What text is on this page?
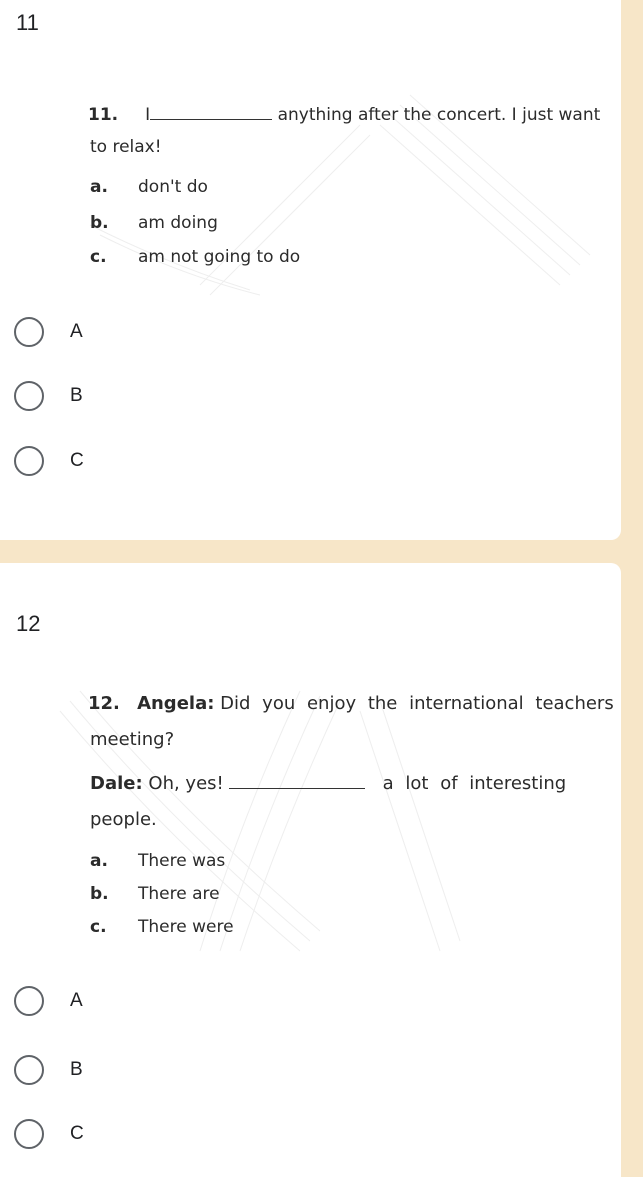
11
11. I	anything after the concert. I just want
to relax!
a. don't do
b. am doing
c. am not going to do
A
B
C
12
12. Angela: Did you enjoy the international teachers
meeting?
Dale: Oh, yes!	a lot of interesting
people.
a. There was
b. There are
c. There were
A
B
C
